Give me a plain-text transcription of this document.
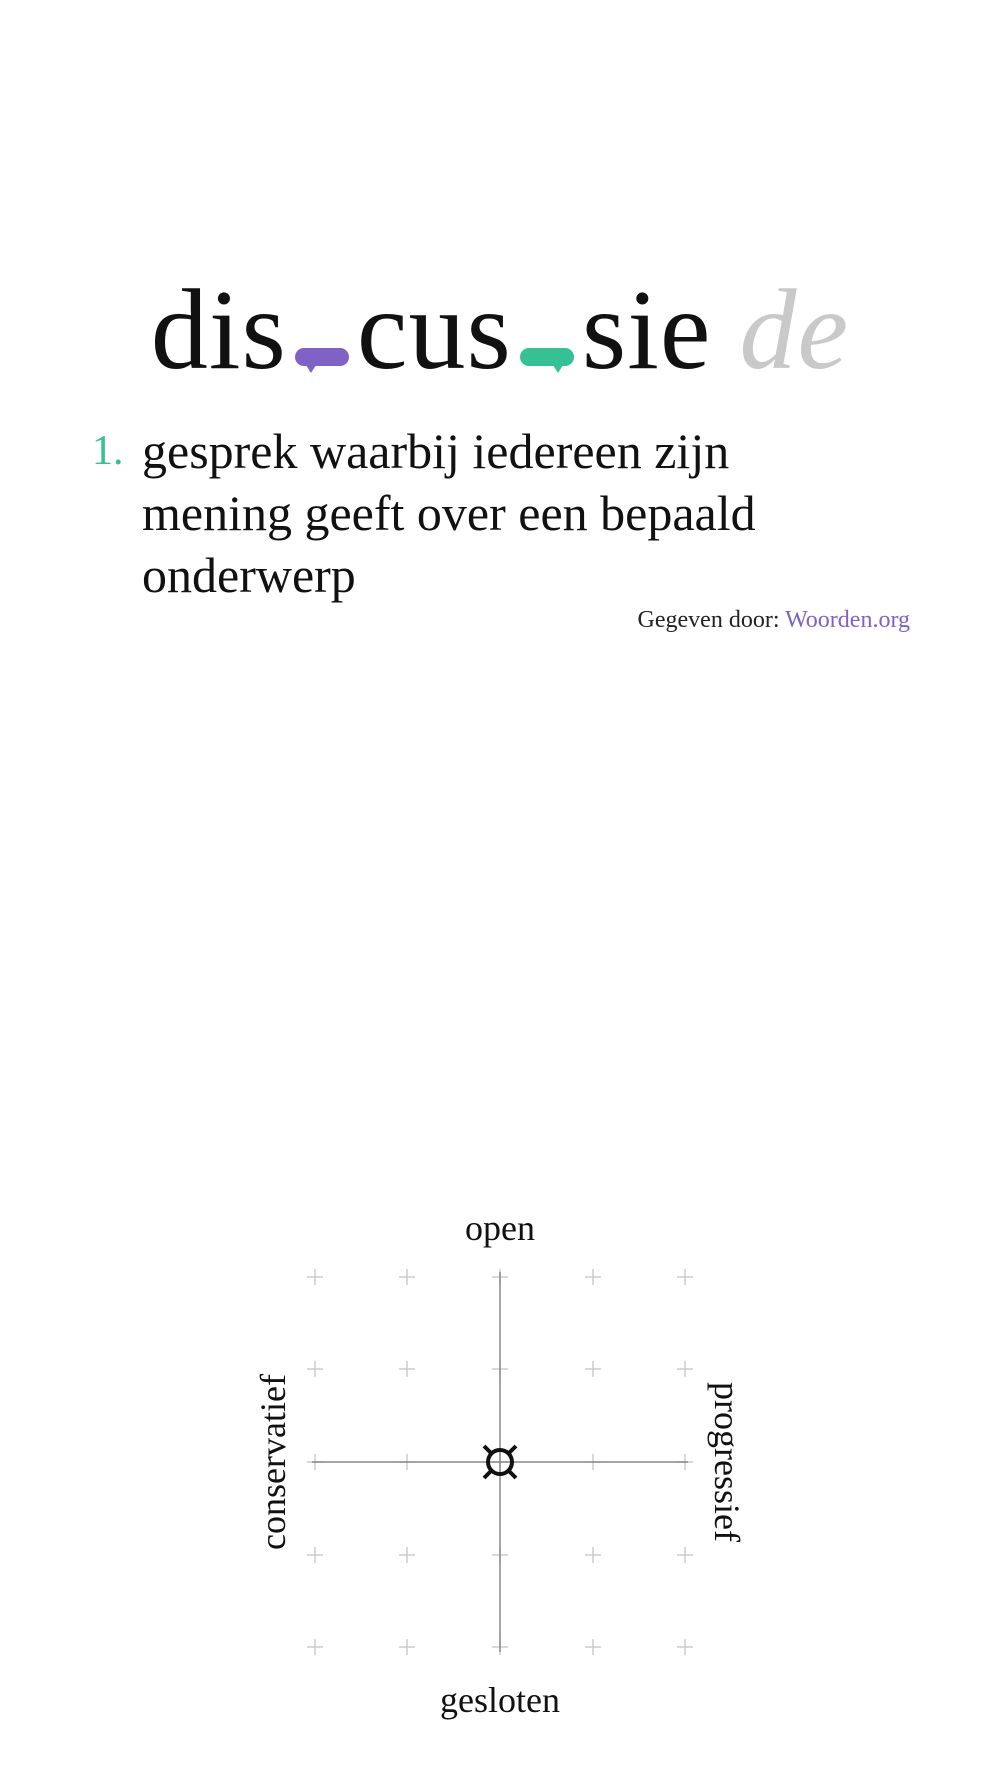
dis cus sie de
1. gesprek waarbij iedereen zijn mening geeft over een bepaald onderwerp
Gegeven door: Woorden.org
open
gesloten
conservatief	progressief
